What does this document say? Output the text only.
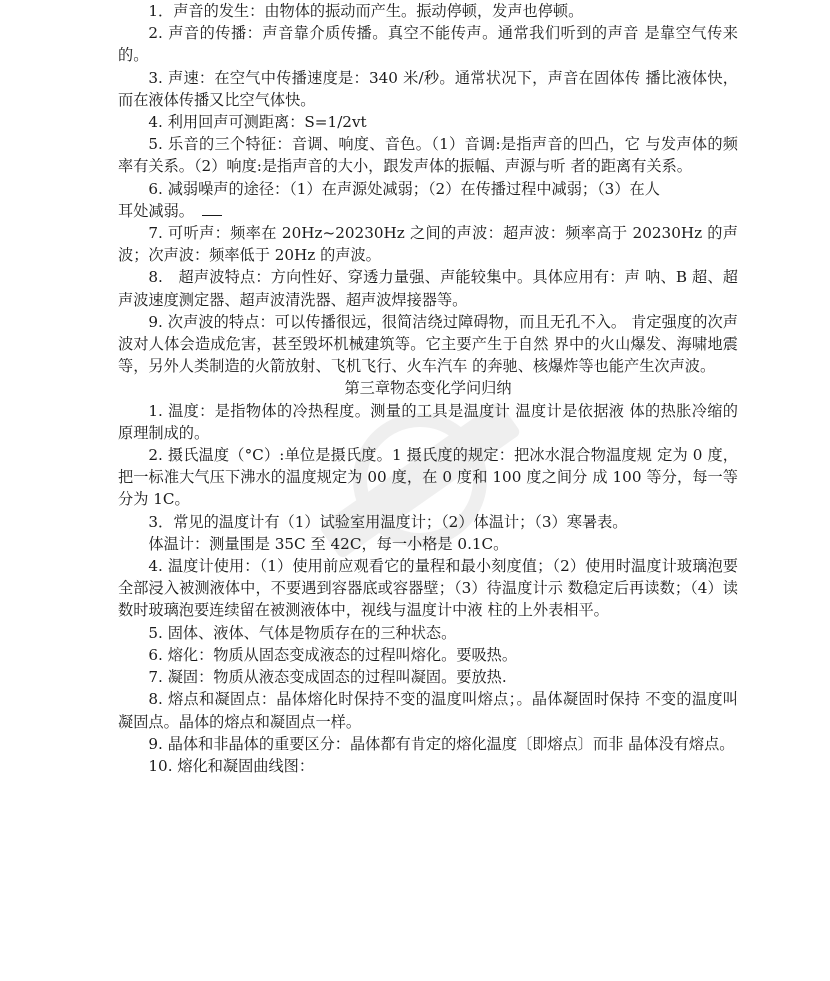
1．声音的发生：由物体的振动而产生。振动停顿，发声也停顿。

2. 声音的传播：声音靠介质传播。真空不能传声。通常我们听到的声音 是靠空气传来的。

3. 声速：在空气中传播速度是：340 米/秒。通常状况下，声音在固体传 播比液体快，而在液体传播又比空气体快。

4. 利用回声可测距离：S=1/2vt

5. 乐音的三个特征：音调、响度、音色。（1）音调:是指声音的凹凸，它 与发声体的频率有关系。（2）响度:是指声音的大小，跟发声体的振幅、声源与听 者的距离有关系。

6. 减弱噪声的途径：（1）在声源处减弱；（2）在传播过程中减弱；（3）在人

耳处减弱。

7. 可听声：频率在 20Hz~20230Hz 之间的声波：超声波：频率高于 20230Hz 的声波；次声波：频率低于 20Hz 的声波。

8.　超声波特点：方向性好、穿透力量强、声能较集中。具体应用有：声 呐、B 超、超声波速度测定器、超声波清洗器、超声波焊接器等。

9. 次声波的特点：可以传播很远，很简洁绕过障碍物，而且无孔不入。 肯定强度的次声波对人体会造成危害，甚至毁坏机械建筑等。它主要产生于自然 界中的火山爆发、海啸地震等，另外人类制造的火箭放射、飞机飞行、火车汽车 的奔驰、核爆炸等也能产生次声波。

第三章物态变化学问归纳

1. 温度：是指物体的冷热程度。测量的工具是温度计 温度计是依据液 体的热胀冷缩的原理制成的。

2. 摄氏温度（°C）:单位是摄氏度。1 摄氏度的规定：把冰水混合物温度规 定为 0 度，把一标准大气压下沸水的温度规定为 00 度，在 0 度和 100 度之间分 成 100 等分，每一等分为 1C。

3．常见的温度计有（1）试验室用温度计；（2）体温计；（3）寒暑表。

体温计：测量围是 35C 至 42C，每一小格是 0.1C。

4. 温度计使用：（1）使用前应观看它的量程和最小刻度值；（2）使用时温度计玻璃泡要全部浸入被测液体中，不要遇到容器底或容器壁；（3）待温度计示 数稳定后再读数；（4）读数时玻璃泡要连续留在被测液体中，视线与温度计中液 柱的上外表相平。

5. 固体、液体、气体是物质存在的三种状态。

6. 熔化：物质从固态变成液态的过程叫熔化。要吸热。

7. 凝固：物质从液态变成固态的过程叫凝固。要放热.

8. 熔点和凝固点：晶体熔化时保持不变的温度叫熔点；。晶体凝固时保持 不变的温度叫凝固点。晶体的熔点和凝固点一样。

9. 晶体和非晶体的重要区分：晶体都有肯定的熔化温度〔即熔点〕而非 晶体没有熔点。

10. 熔化和凝固曲线图：
